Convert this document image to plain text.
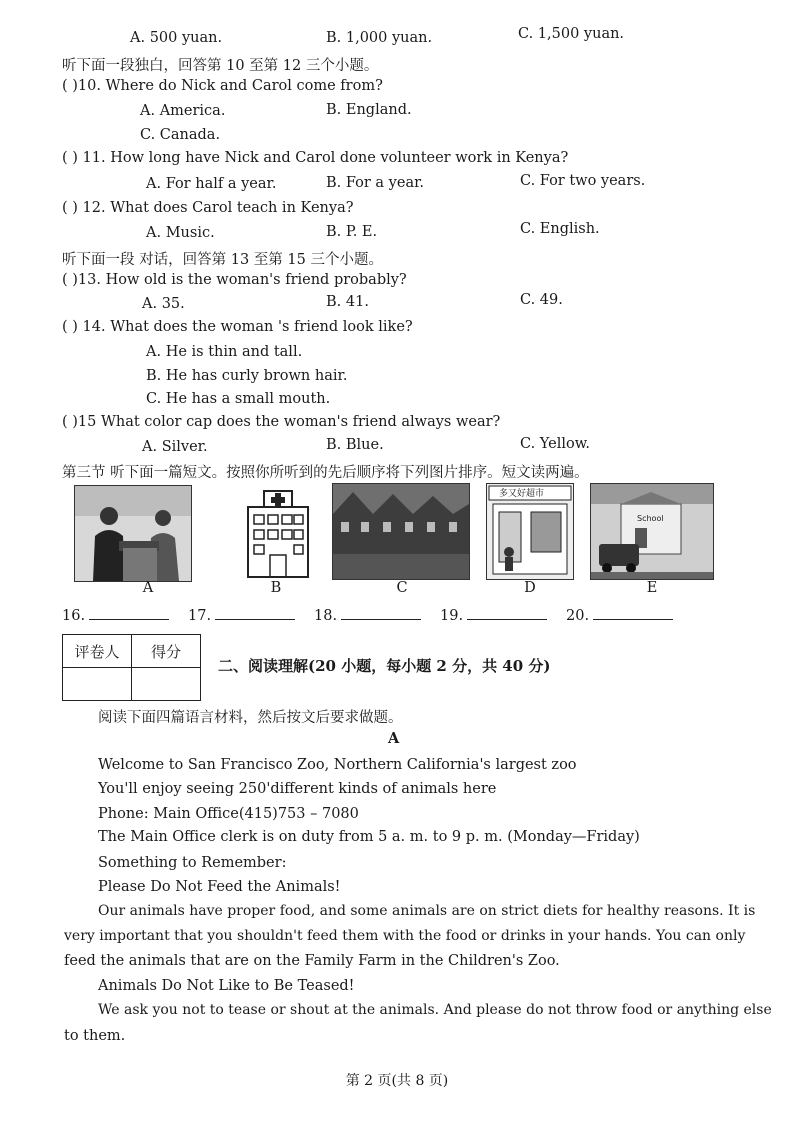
A. 500 yuan.	B. 1,000 yuan.	C. 1,500 yuan.
听下面一段独白，回答第 10 至第 12 三个小题。
( )10. Where do Nick and Carol come from?
A. America.	B. England.
C. Canada.
( ) 11. How long have Nick and Carol done volunteer work in Kenya?
A. For half a year.	B. For a year.	C. For two years.
( ) 12. What does Carol teach in Kenya?
A. Music.	B. P. E.	C. English.
听下面一段 对话，回答第 13 至第 15 三个小题。
( )13. How old is the woman's friend probably?
A. 35.	B. 41.	C. 49.
( ) 14. What does the woman 's friend look like?
A. He is thin and tall.
B. He has curly brown hair.
C. He has a small mouth.
( )15 What color cap does the woman's friend always wear?
A. Silver.	B. Blue.	C. Yellow.
第三节 听下面一篇短文。按照你所听到的先后顺序将下列图片排序。短文读两遍。
多又好超市
School
A	B	C	D	E
16.	17.	18.	19.	20.
评卷人	得分

二、阅读理解(20 小题，每小题 2 分，共 40 分)
阅读下面四篇语言材料，然后按文后要求做题。
A
Welcome to San Francisco Zoo, Northern California's largest zoo
You'll enjoy seeing 250'different kinds of animals here
Phone: Main Office(415)753 – 7080
The Main Office clerk is on duty from 5 a. m. to 9 p. m. (Monday—Friday)
Something to Remember:
Please Do Not Feed the Animals!
Our animals have proper food, and some animals are on strict diets for healthy reasons. It is
very important that you shouldn't feed them with the food or drinks in your hands. You can only
feed the animals that are on the Family Farm in the Children's Zoo.
Animals Do Not Like to Be Teased!
We ask you not to tease or shout at the animals. And please do not throw food or anything else
to them.
第 2 页(共 8 页)
